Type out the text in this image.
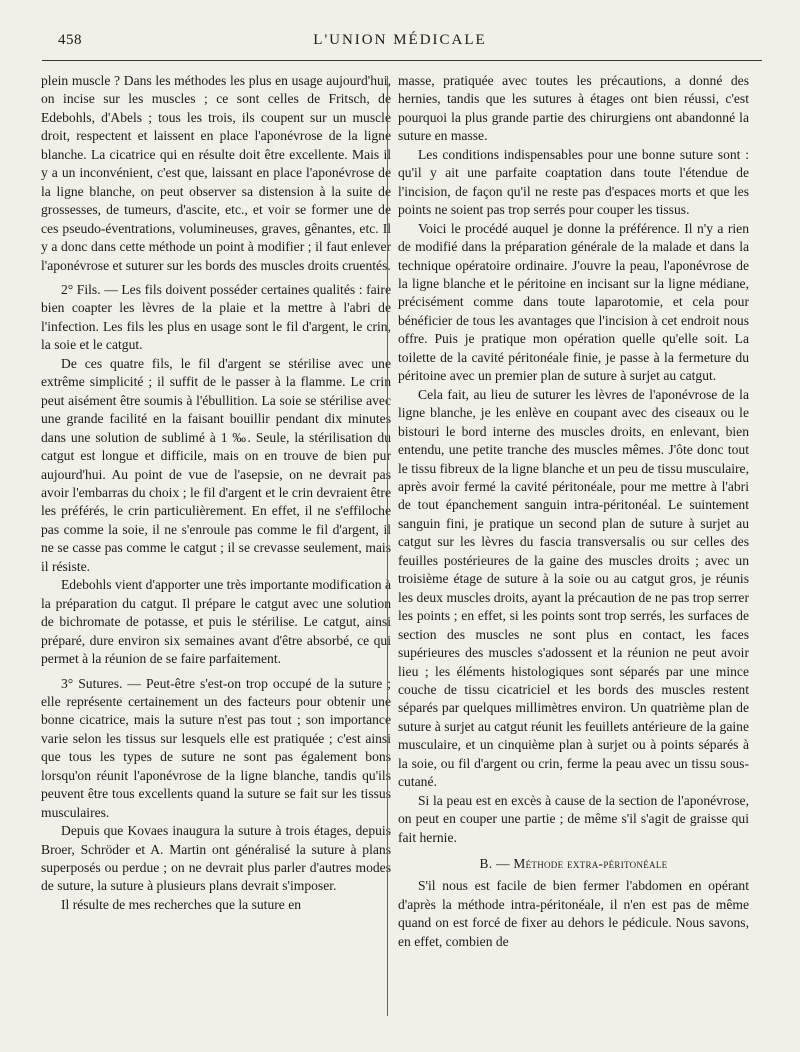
458	L'UNION MÉDICALE

plein muscle ? Dans les méthodes les plus en usage aujourd'hui, on incise sur les muscles ; ce sont celles de Fritsch, de Edebohls, d'Abels ; tous les trois, ils coupent sur un muscle droit, respectent et laissent en place l'aponévrose de la ligne blanche. La cicatrice qui en résulte doit être excellente. Mais il y a un inconvénient, c'est que, laissant en place l'aponévrose de la ligne blanche, on peut observer sa distension à la suite de grossesses, de tumeurs, d'ascite, etc., et voir se former une de ces pseudo-éventrations, volumineuses, graves, gênantes, etc. Il y a donc dans cette méthode un point à modifier ; il faut enlever l'aponévrose et suturer sur les bords des muscles droits cruentés.

2° Fils. — Les fils doivent posséder certaines qualités : faire bien coapter les lèvres de la plaie et la mettre à l'abri de l'infection. Les fils les plus en usage sont le fil d'argent, le crin, la soie et le catgut.

De ces quatre fils, le fil d'argent se stérilise avec une extrême simplicité ; il suffit de le passer à la flamme. Le crin peut aisément être soumis à l'ébullition. La soie se stérilise avec une grande facilité en la faisant bouillir pendant dix minutes dans une solution de sublimé à 1 ‰. Seule, la stérilisation du catgut est longue et difficile, mais on en trouve de bien pur aujourd'hui. Au point de vue de l'asepsie, on ne devrait pas avoir l'embarras du choix ; le fil d'argent et le crin devraient être les préférés, le crin particulièrement. En effet, il ne s'effiloche pas comme la soie, il ne s'enroule pas comme le fil d'argent, il ne se casse pas comme le catgut ; il se crevasse seulement, mais il résiste.

Edebohls vient d'apporter une très importante modification à la préparation du catgut. Il prépare le catgut avec une solution de bichromate de potasse, et puis le stérilise. Le catgut, ainsi préparé, dure environ six semaines avant d'être absorbé, ce qui permet à la réunion de se faire parfaitement.

3° Sutures. — Peut-être s'est-on trop occupé de la suture ; elle représente certainement un des facteurs pour obtenir une bonne cicatrice, mais la suture n'est pas tout ; son importance varie selon les tissus sur lesquels elle est pratiquée ; c'est ainsi que tous les types de suture ne sont pas également bons lorsqu'on réunit l'aponévrose de la ligne blanche, tandis qu'ils peuvent être tous excellents quand la suture se fait sur les tissus musculaires.

Depuis que Kovaes inaugura la suture à trois étages, depuis Broer, Schröder et A. Martin ont généralisé la suture à plans superposés ou perdue ; on ne devrait plus parler d'autres modes de suture, la suture à plusieurs plans devrait s'imposer.

Il résulte de mes recherches que la suture en

masse, pratiquée avec toutes les précautions, a donné des hernies, tandis que les sutures à étages ont bien réussi, c'est pourquoi la plus grande partie des chirurgiens ont abandonné la suture en masse.

Les conditions indispensables pour une bonne suture sont : qu'il y ait une parfaite coaptation dans toute l'étendue de l'incision, de façon qu'il ne reste pas d'espaces morts et que les points ne soient pas trop serrés pour couper les tissus.

Voici le procédé auquel je donne la préférence. Il n'y a rien de modifié dans la préparation générale de la malade et dans la technique opératoire ordinaire. J'ouvre la peau, l'aponévrose de la ligne blanche et le péritoine en incisant sur la ligne médiane, précisément comme dans toute laparotomie, et cela pour bénéficier de tous les avantages que l'incision à cet endroit nous offre. Puis je pratique mon opération quelle qu'elle soit. La toilette de la cavité péritonéale finie, je passe à la fermeture du péritoine avec un premier plan de suture à surjet au catgut.

Cela fait, au lieu de suturer les lèvres de l'aponévrose de la ligne blanche, je les enlève en coupant avec des ciseaux ou le bistouri le bord interne des muscles droits, en enlevant, bien entendu, une petite tranche des muscles mêmes. J'ôte donc tout le tissu fibreux de la ligne blanche et un peu de tissu musculaire, après avoir fermé la cavité péritonéale, pour me mettre à l'abri de tout épanchement sanguin intra-péritonéal. Le suintement sanguin fini, je pratique un second plan de suture à surjet au catgut sur les lèvres du fascia transversalis ou sur celles des feuilles postérieures de la gaine des muscles droits ; avec un troisième étage de suture à la soie ou au catgut gros, je réunis les deux muscles droits, ayant la précaution de ne pas trop serrer les points ; en effet, si les points sont trop serrés, les surfaces de section des muscles ne sont plus en contact, les faces supérieures des muscles s'adossent et la réunion ne peut avoir lieu ; les éléments histologiques sont séparés par une mince couche de tissu cicatriciel et les bords des muscles restent séparés par quelques millimètres environ. Un quatrième plan de suture à surjet au catgut réunit les feuillets antérieure de la gaine musculaire, et un cinquième plan à surjet ou à points séparés à la soie, ou fil d'argent ou crin, ferme la peau avec un tissu sous-cutané.

Si la peau est en excès à cause de la section de l'aponévrose, on peut en couper une partie ; de même s'il s'agit de graisse qui fait hernie.

B. — Méthode extra-péritonéale

S'il nous est facile de bien fermer l'abdomen en opérant d'après la méthode intra-péritonéale, il n'en est pas de même quand on est forcé de fixer au dehors le pédicule. Nous savons, en effet, combien de
